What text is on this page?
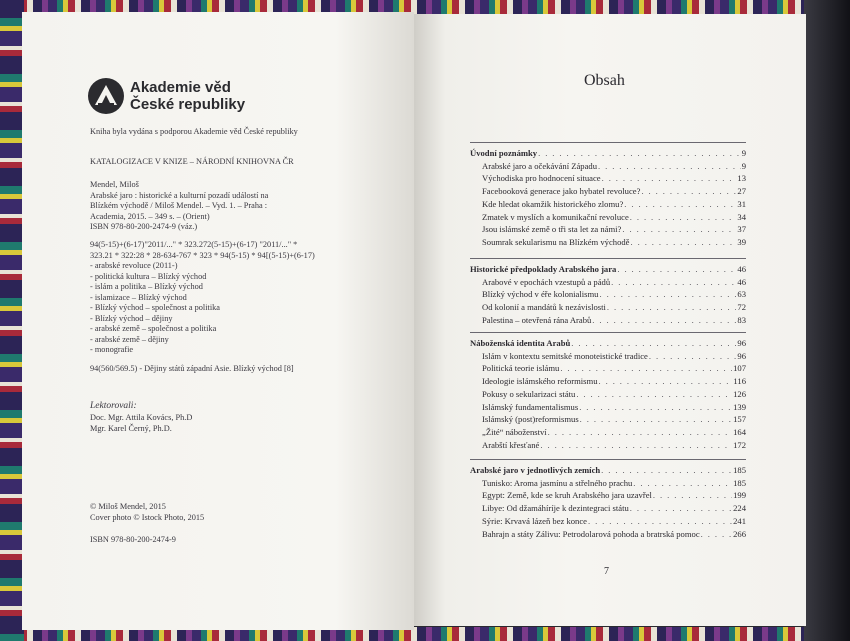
Akademie věd
České republiky
Kniha byla vydána s podporou Akademie věd České republiky
KATALOGIZACE V KNIZE – NÁRODNÍ KNIHOVNA ČR
Mendel, Miloš
Arabské jaro : historické a kulturní pozadí událostí na
Blízkém východě / Miloš Mendel. – Vyd. 1. – Praha :
Academia, 2015. – 349 s. – (Orient)
ISBN 978-80-200-2474-9 (váz.)
94(5-15)+(6-17)"2011/..." * 323.272(5-15)+(6-17) "2011/..." *
323.21 * 322:28 * 28-634-767 * 323 * 94(5-15) * 94[(5-15)+(6-17)
- arabské revoluce (2011-)
- politická kultura – Blízký východ
- islám a politika – Blízký východ
- islamizace – Blízký východ
- Blízký východ – společnost a politika
- Blízký východ – dějiny
- arabské země – společnost a politika
- arabské země – dějiny
- monografie
94(560/569.5) - Dějiny států západní Asie. Blízký východ [8]
Lektorovali:
Doc. Mgr. Attila Kovács, Ph.D
Mgr. Karel Černý, Ph.D.
© Miloš Mendel, 2015
Cover photo © Istock Photo, 2015
ISBN 978-80-200-2474-9
Obsah
Úvodní poznámky . . .	9
Arabské jaro a očekávání Západu . . .	9
Východiska pro hodnocení situace . . .	13
Facebooková generace jako hybatel revoluce? . . .	27
Kde hledat okamžik historického zlomu? . . .	31
Zmatek v myslích a komunikační revoluce . . .	34
Jsou islámské země o tři sta let za námi? . . .	37
Soumrak sekularismu na Blízkém východě . . .	39
Historické předpoklady Arabského jara . . .	46
Arabové v epochách vzestupů a pádů . . .	46
Blízký východ v éře kolonialismu . . .	63
Od kolonií a mandátů k nezávislosti . . .	72
Palestina – otevřená rána Arabů . . .	83
Náboženská identita Arabů . . .	96
Islám v kontextu semitské monoteistické tradice . . .	96
Politická teorie islámu . . .	107
Ideologie islámského reformismu . . .	116
Pokusy o sekularizaci státu . . .	126
Islámský fundamentalismus . . .	139
Islámský (post)reformismus . . .	157
„Žité“ náboženství . . .	164
Arabští křesťané . . .	172
Arabské jaro v jednotlivých zemích . . .	185
Tunisko: Aroma jasmínu a střelného prachu . . .	185
Egypt: Země, kde se kruh Arabského jara uzavřel . . .	199
Libye: Od džamáhíríje k dezintegraci státu . . .	224
Sýrie: Krvavá lázeň bez konce . . .	241
Bahrajn a státy Zálivu: Petrodolarová pohoda a bratrská pomoc . . .	266
7
